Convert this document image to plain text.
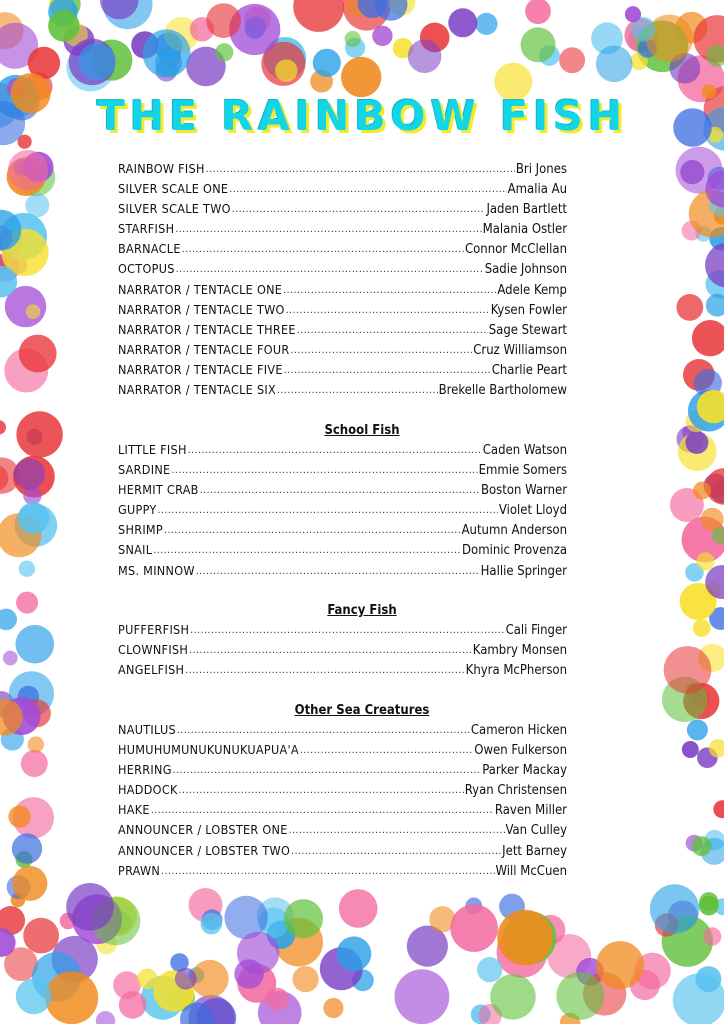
THE RAINBOW FISH
RAINBOW FISH .....	Bri Jones
SILVER SCALE ONE .....	Amalia Au
SILVER SCALE TWO .....	Jaden Bartlett
STARFISH .....	Malania Ostler
BARNACLE .....	Connor McClellan
OCTOPUS .....	Sadie Johnson
NARRATOR / TENTACLE ONE .....	Adele Kemp
NARRATOR / TENTACLE TWO .....	Kysen Fowler
NARRATOR / TENTACLE THREE .....	Sage Stewart
NARRATOR / TENTACLE FOUR .....	Cruz Williamson
NARRATOR / TENTACLE FIVE .....	Charlie Peart
NARRATOR / TENTACLE SIX .....	Brekelle Bartholomew
School Fish
LITTLE FISH .....	Caden Watson
SARDINE .....	Emmie Somers
HERMIT CRAB .....	Boston Warner
GUPPY .....	Violet Lloyd
SHRIMP .....	Autumn Anderson
SNAIL .....	Dominic Provenza
MS. MINNOW .....	Hallie Springer
Fancy Fish
PUFFERFISH .....	Cali Finger
CLOWNFISH .....	Kambry Monsen
ANGELFISH .....	Khyra McPherson
Other Sea Creatures
NAUTILUS .....	Cameron Hicken
HUMUHUMUNUKUNUKUAPUA'A .....	Owen Fulkerson
HERRING .....	Parker Mackay
HADDOCK .....	Ryan Christensen
HAKE .....	Raven Miller
ANNOUNCER / LOBSTER ONE .....	Van Culley
ANNOUNCER / LOBSTER TWO .....	Jett Barney
PRAWN .....	Will McCuen
